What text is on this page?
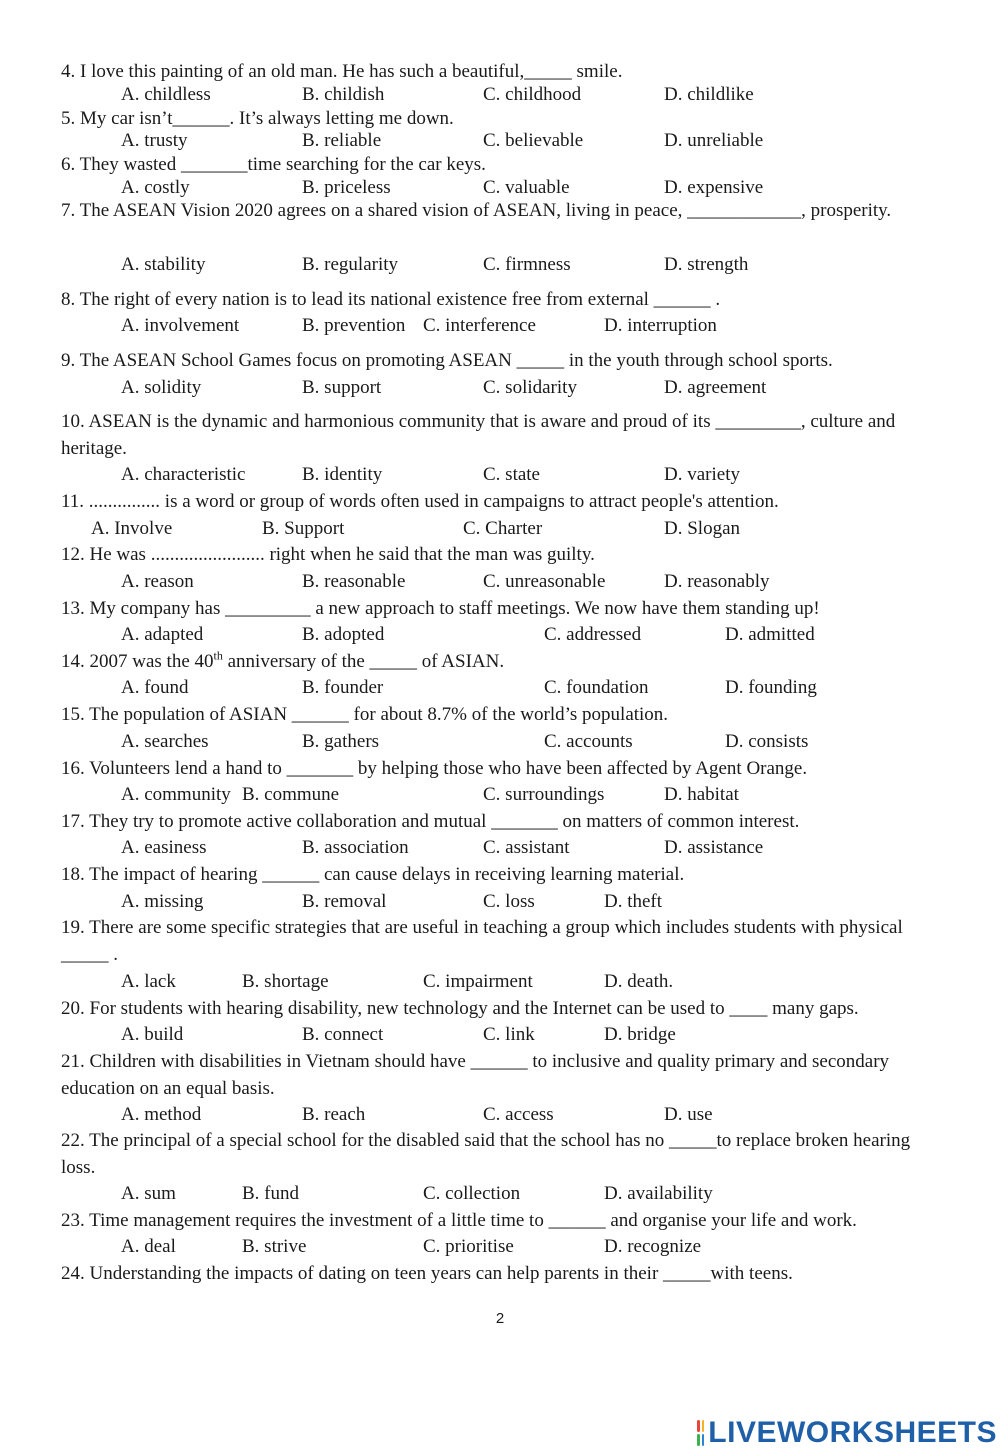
4. I love this painting of an old man. He has such a beautiful,_____ smile.
A. childless	B. childish	C. childhood	D. childlike
5. My car isn’t______. It’s always letting me down.
A. trusty	B. reliable	C. believable	D. unreliable
6. They wasted _______time searching for the car keys.
A. costly	B. priceless	C. valuable	D. expensive
7. The ASEAN Vision 2020 agrees on a shared vision of ASEAN, living in peace, ____________, prosperity.
A. stability	B. regularity	C. firmness	D. strength
8. The right of every nation is to lead its national existence free from external ______ .
A. involvement	B. prevention C. interference	D. interruption
9. The ASEAN School Games focus on promoting ASEAN _____ in the youth through school sports.
A. solidity	B. support	C. solidarity	D. agreement
10. ASEAN is the dynamic and harmonious community that is aware and proud of its _________, culture and heritage.
A. characteristic	B. identity	C. state	D. variety
11. ............... is a word or group of words often used in campaigns to attract people's attention.
A. Involve	B. Support	C. Charter	D. Slogan
12. He was ........................ right when he said that the man was guilty.
A. reason	B. reasonable	C. unreasonable	D. reasonably
13. My company has _________ a new approach to staff meetings. We now have them standing up!
A. adapted	B. adopted	C. addressed	D. admitted
14. 2007 was the 40th anniversary of the _____ of ASIAN.
A. found	B. founder	C. foundation	D. founding
15. The population of ASIAN ______ for about 8.7% of the world’s population.
A. searches	B. gathers	C. accounts	D. consists
16. Volunteers lend a hand to _______ by helping those who have been affected by Agent Orange.
A. community B. commune	C. surroundings	D. habitat
17. They try to promote active collaboration and mutual _______ on matters of common interest.
A. easiness	B. association	C. assistant	D. assistance
18. The impact of hearing ______ can cause delays in receiving learning material.
A. missing	B. removal	C. loss	D. theft
19. There are some specific strategies that are useful in teaching a group which includes students with physical _____ .
A. lack	B. shortage	C. impairment	D. death.
20. For students with hearing disability, new technology and the Internet can be used to ____ many gaps.
A. build	B. connect	C. link	D. bridge
21. Children with disabilities in Vietnam should have ______ to inclusive and quality primary and secondary education on an equal basis.
A. method	B. reach	C. access	D. use
22. The principal of a special school for the disabled said that the school has no _____to replace broken hearing loss.
A. sum	B. fund	C. collection	D. availability
23. Time management requires the investment of a little time to ______ and organise your life and work.
A. deal	B. strive	C. prioritise	D. recognize
24. Understanding the impacts of dating on teen years can help parents in their _____with teens.
2
LIVEWORKSHEETS
